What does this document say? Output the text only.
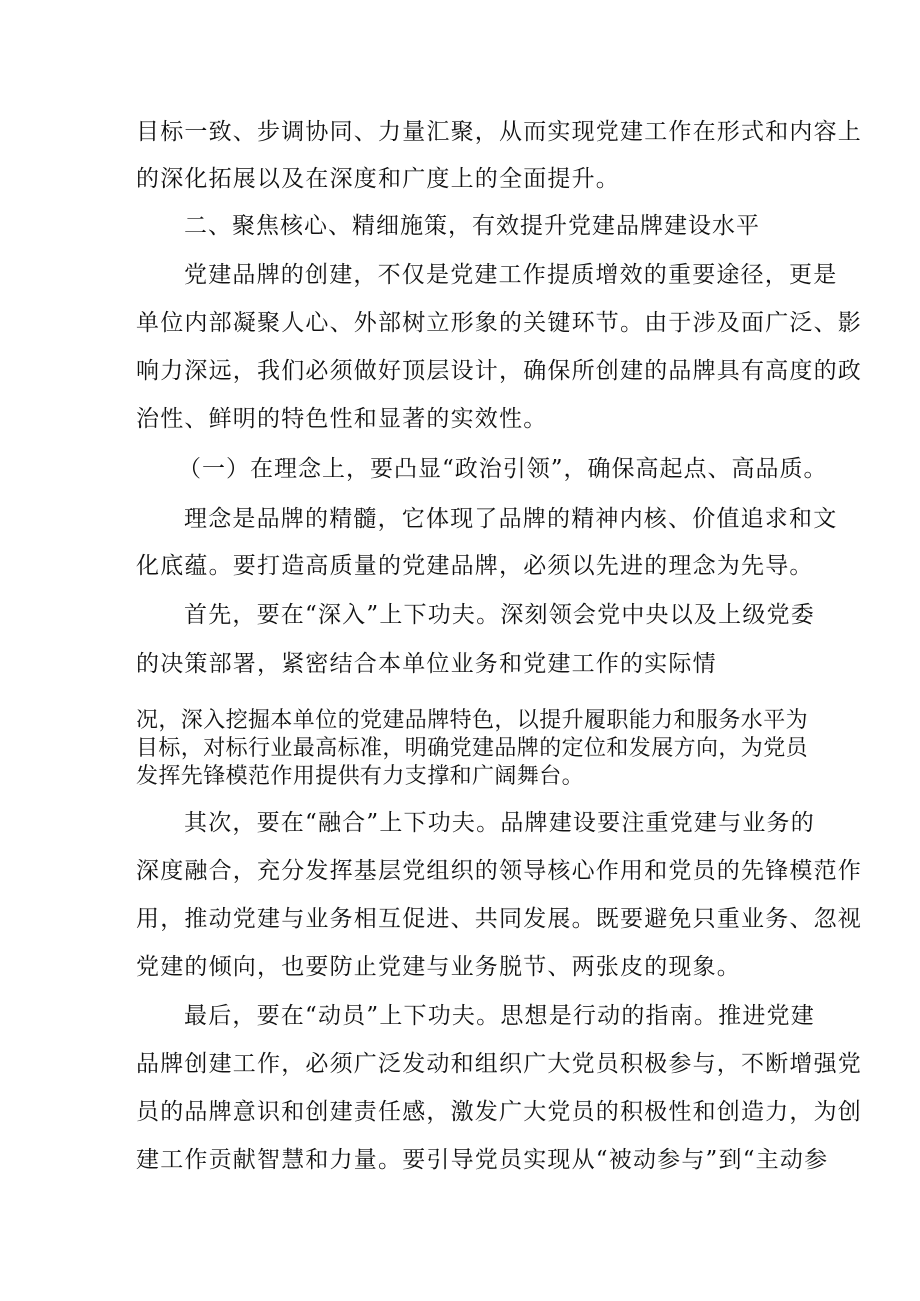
目标一致、步调协同、力量汇聚，从而实现党建工作在形式和内容上
的深化拓展以及在深度和广度上的全面提升。
二、聚焦核心、精细施策，有效提升党建品牌建设水平
党建品牌的创建，不仅是党建工作提质增效的重要途径，更是
单位内部凝聚人心、外部树立形象的关键环节。由于涉及面广泛、影
响力深远，我们必须做好顶层设计，确保所创建的品牌具有高度的政
治性、鲜明的特色性和显著的实效性。
（一）在理念上，要凸显“政治引领”，确保高起点、高品质。
理念是品牌的精髓，它体现了品牌的精神内核、价值追求和文
化底蕴。要打造高质量的党建品牌，必须以先进的理念为先导。
首先，要在“深入”上下功夫。深刻领会党中央以及上级党委
的决策部署，紧密结合本单位业务和党建工作的实际情
况，深入挖掘本单位的党建品牌特色，以提升履职能力和服务水平为
目标，对标行业最高标准，明确党建品牌的定位和发展方向，为党员
发挥先锋模范作用提供有力支撑和广阔舞台。
其次，要在“融合”上下功夫。品牌建设要注重党建与业务的
深度融合，充分发挥基层党组织的领导核心作用和党员的先锋模范作
用，推动党建与业务相互促进、共同发展。既要避免只重业务、忽视
党建的倾向，也要防止党建与业务脱节、两张皮的现象。
最后，要在“动员”上下功夫。思想是行动的指南。推进党建
品牌创建工作，必须广泛发动和组织广大党员积极参与，不断增强党
员的品牌意识和创建责任感，激发广大党员的积极性和创造力，为创
建工作贡献智慧和力量。要引导党员实现从“被动参与”到“主动参
